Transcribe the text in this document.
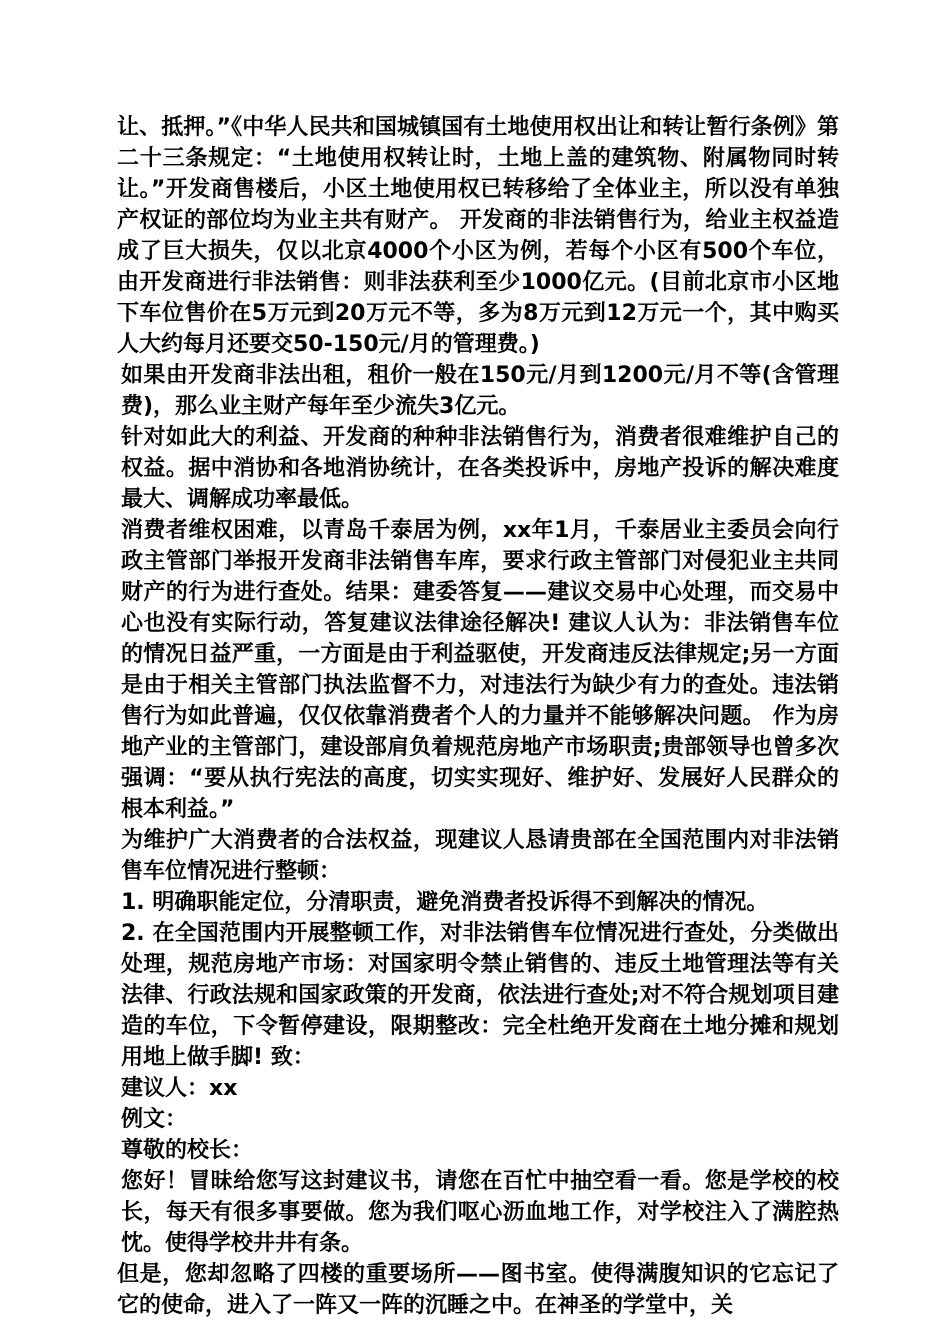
让、抵押。”《中华人民共和国城镇国有土地使用权出让和转让暂行条例》第二十三条规定：“土地使用权转让时，土地上盖的建筑物、附属物同时转让。”开发商售楼后，小区土地使用权已转移给了全体业主，所以没有单独产权证的部位均为业主共有财产。 开发商的非法销售行为，给业主权益造成了巨大损失，仅以北京4000个小区为例，若每个小区有500个车位，由开发商进行非法销售：则非法获利至少1000亿元。(目前北京市小区地下车位售价在5万元到20万元不等，多为8万元到12万元一个，其中购买人大约每月还要交50-150元/月的管理费。)

如果由开发商非法出租，租价一般在150元/月到1200元/月不等(含管理费)，那么业主财产每年至少流失3亿元。

针对如此大的利益、开发商的种种非法销售行为，消费者很难维护自己的权益。据中消协和各地消协统计，在各类投诉中，房地产投诉的解决难度最大、调解成功率最低。

消费者维权困难，以青岛千泰居为例，xx年1月，千泰居业主委员会向行政主管部门举报开发商非法销售车库，要求行政主管部门对侵犯业主共同财产的行为进行查处。结果：建委答复——建议交易中心处理，而交易中心也没有实际行动，答复建议法律途径解决! 建议人认为：非法销售车位的情况日益严重，一方面是由于利益驱使，开发商违反法律规定;另一方面是由于相关主管部门执法监督不力，对违法行为缺少有力的查处。违法销售行为如此普遍，仅仅依靠消费者个人的力量并不能够解决问题。 作为房地产业的主管部门，建设部肩负着规范房地产市场职责;贵部领导也曾多次强调：“要从执行宪法的高度，切实实现好、维护好、发展好人民群众的根本利益。”

为维护广大消费者的合法权益，现建议人恳请贵部在全国范围内对非法销售车位情况进行整顿：

1. 明确职能定位，分清职责，避免消费者投诉得不到解决的情况。

2. 在全国范围内开展整顿工作，对非法销售车位情况进行查处，分类做出处理，规范房地产市场：对国家明令禁止销售的、违反土地管理法等有关法律、行政法规和国家政策的开发商，依法进行查处;对不符合规划项目建造的车位，下令暂停建设，限期整改：完全杜绝开发商在土地分摊和规划用地上做手脚! 致：

建议人：xx

例文：

尊敬的校长：

您好！冒昧给您写这封建议书，请您在百忙中抽空看一看。您是学校的校长，每天有很多事要做。您为我们呕心沥血地工作，对学校注入了满腔热忱。使得学校井井有条。

但是，您却忽略了四楼的重要场所——图书室。使得满腹知识的它忘记了它的使命，进入了一阵又一阵的沉睡之中。在神圣的学堂中，关
